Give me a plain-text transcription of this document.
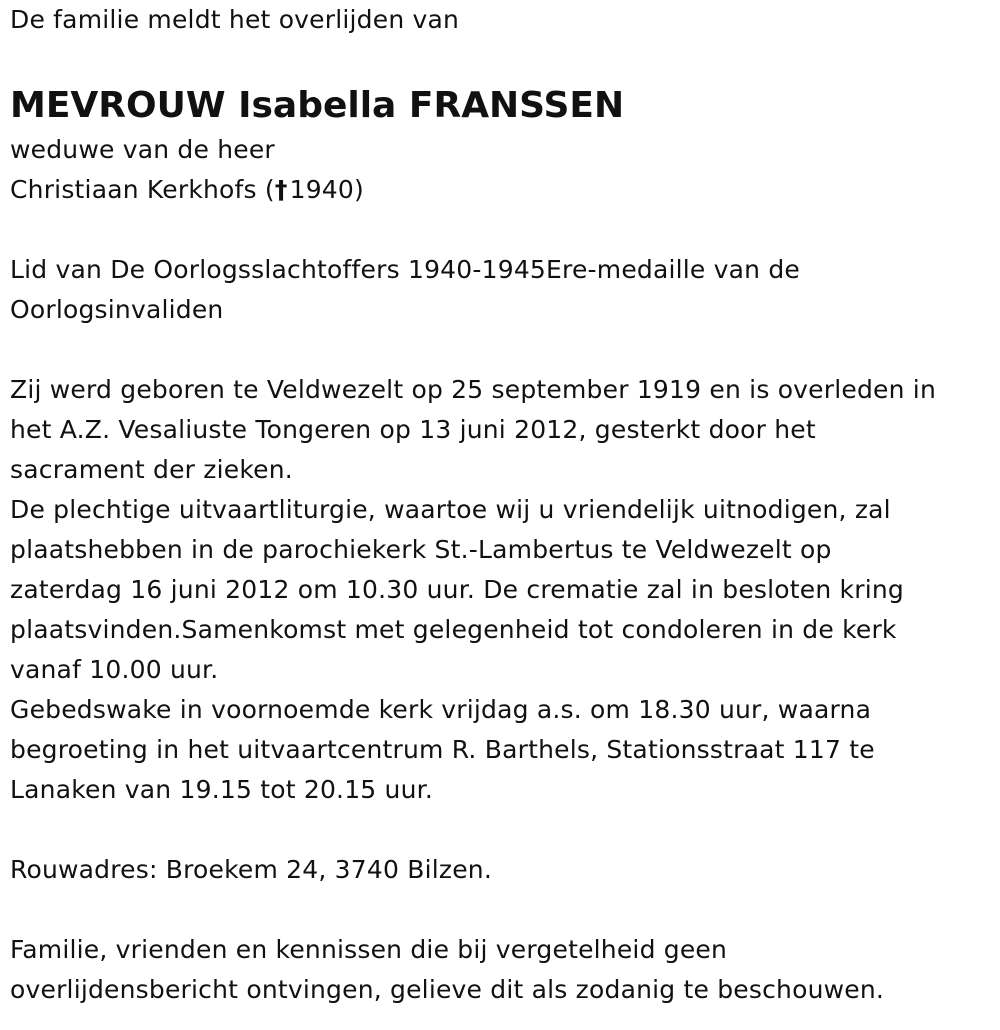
De familie meldt het overlijden van
MEVROUW Isabella FRANSSEN
weduwe van de heer
Christiaan Kerkhofs (†1940)
Lid van De Oorlogsslachtoffers 1940-1945Ere-medaille van de
Oorlogsinvaliden
Zij werd geboren te Veldwezelt op 25 september 1919 en is overleden in
het A.Z. Vesaliuste Tongeren op 13 juni 2012, gesterkt door het
sacrament der zieken.
De plechtige uitvaartliturgie, waartoe wij u vriendelijk uitnodigen, zal
plaatshebben in de parochiekerk St.-Lambertus te Veldwezelt op
zaterdag 16 juni 2012 om 10.30 uur. De crematie zal in besloten kring
plaatsvinden.Samenkomst met gelegenheid tot condoleren in de kerk
vanaf 10.00 uur.
Gebedswake in voornoemde kerk vrijdag a.s. om 18.30 uur, waarna
begroeting in het uitvaartcentrum R. Barthels, Stationsstraat 117 te
Lanaken van 19.15 tot 20.15 uur.
Rouwadres: Broekem 24, 3740 Bilzen.
Familie, vrienden en kennissen die bij vergetelheid geen
overlijdensbericht ontvingen, gelieve dit als zodanig te beschouwen.
